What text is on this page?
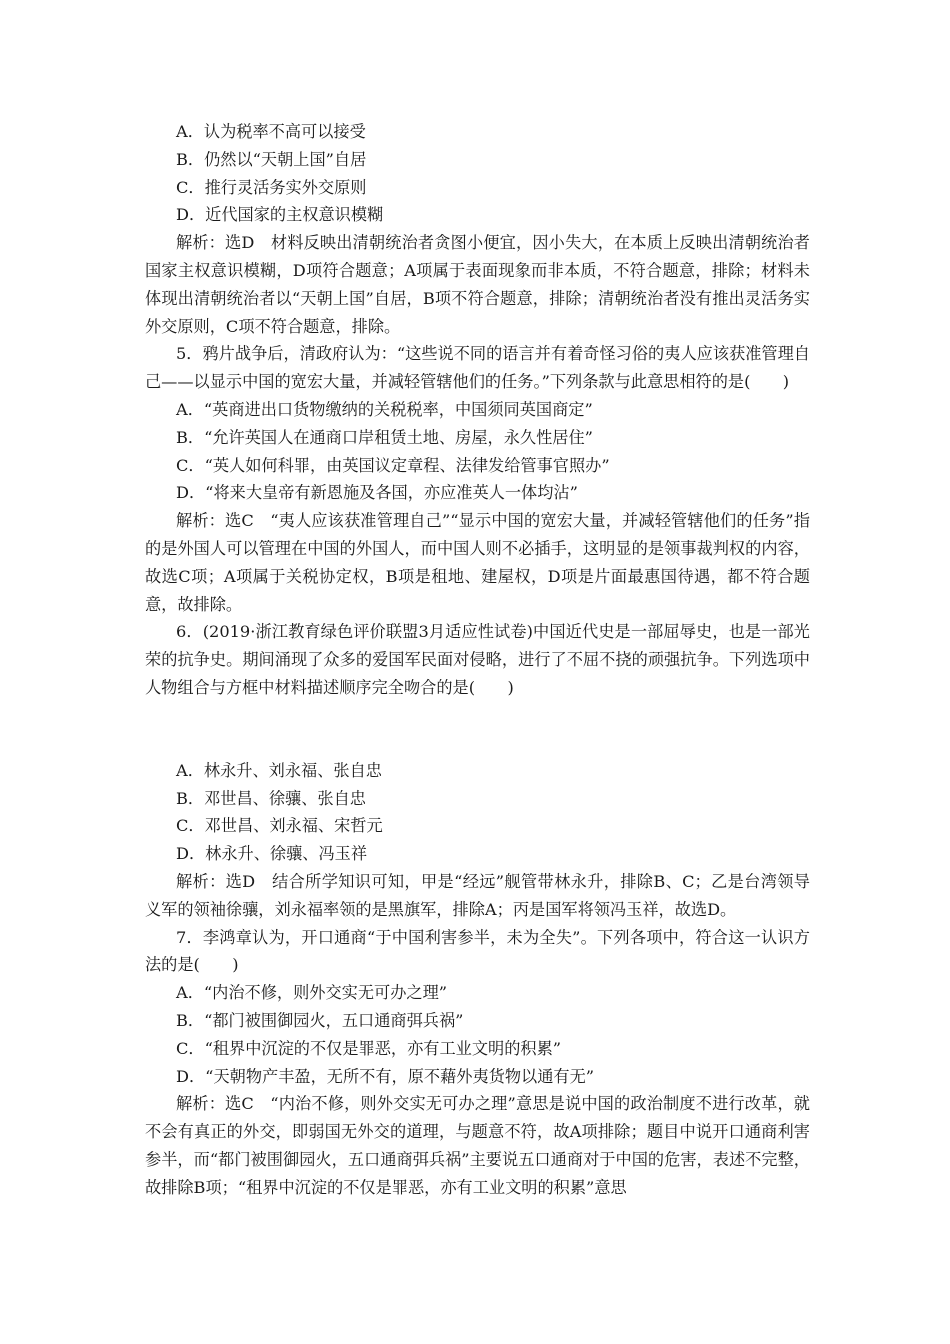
A．认为税率不高可以接受

B．仍然以“天朝上国”自居

C．推行灵活务实外交原则

D．近代国家的主权意识模糊

解析：选D　材料反映出清朝统治者贪图小便宜，因小失大，在本质上反映出清朝统治者国家主权意识模糊，D项符合题意；A项属于表面现象而非本质，不符合题意，排除；材料未体现出清朝统治者以“天朝上国”自居，B项不符合题意，排除；清朝统治者没有推出灵活务实外交原则，C项不符合题意，排除。

5．鸦片战争后，清政府认为：“这些说不同的语言并有着奇怪习俗的夷人应该获准管理自己——以显示中国的宽宏大量，并减轻管辖他们的任务。”下列条款与此意思相符的是(　　)

A．“英商进出口货物缴纳的关税税率，中国须同英国商定”

B．“允许英国人在通商口岸租赁土地、房屋，永久性居住”

C．“英人如何科罪，由英国议定章程、法律发给管事官照办”

D．“将来大皇帝有新恩施及各国，亦应准英人一体均沾”

解析：选C　“夷人应该获准管理自己”“显示中国的宽宏大量，并减轻管辖他们的任务”指的是外国人可以管理在中国的外国人，而中国人则不必插手，这明显的是领事裁判权的内容，故选C项；A项属于关税协定权，B项是租地、建屋权，D项是片面最惠国待遇，都不符合题意，故排除。

6．(2019·浙江教育绿色评价联盟3月适应性试卷)中国近代史是一部屈辱史，也是一部光荣的抗争史。期间涌现了众多的爱国军民面对侵略，进行了不屈不挠的顽强抗争。下列选项中人物组合与方框中材料描述顺序完全吻合的是(　　)

A．林永升、刘永福、张自忠

B．邓世昌、徐骧、张自忠

C．邓世昌、刘永福、宋哲元

D．林永升、徐骧、冯玉祥

解析：选D　结合所学知识可知，甲是“经远”舰管带林永升，排除B、C；乙是台湾领导义军的领袖徐骧，刘永福率领的是黑旗军，排除A；丙是国军将领冯玉祥，故选D。

7．李鸿章认为，开口通商“于中国利害参半，未为全失”。下列各项中，符合这一认识方法的是(　　)

A．“内治不修，则外交实无可办之理”

B．“都门被围御园火，五口通商弭兵祸”

C．“租界中沉淀的不仅是罪恶，亦有工业文明的积累”

D．“天朝物产丰盈，无所不有，原不藉外夷货物以通有无”

解析：选C　“内治不修，则外交实无可办之理”意思是说中国的政治制度不进行改革，就不会有真正的外交，即弱国无外交的道理，与题意不符，故A项排除；题目中说开口通商利害参半，而“都门被围御园火，五口通商弭兵祸”主要说五口通商对于中国的危害，表述不完整，故排除B项；“租界中沉淀的不仅是罪恶，亦有工业文明的积累”意思
